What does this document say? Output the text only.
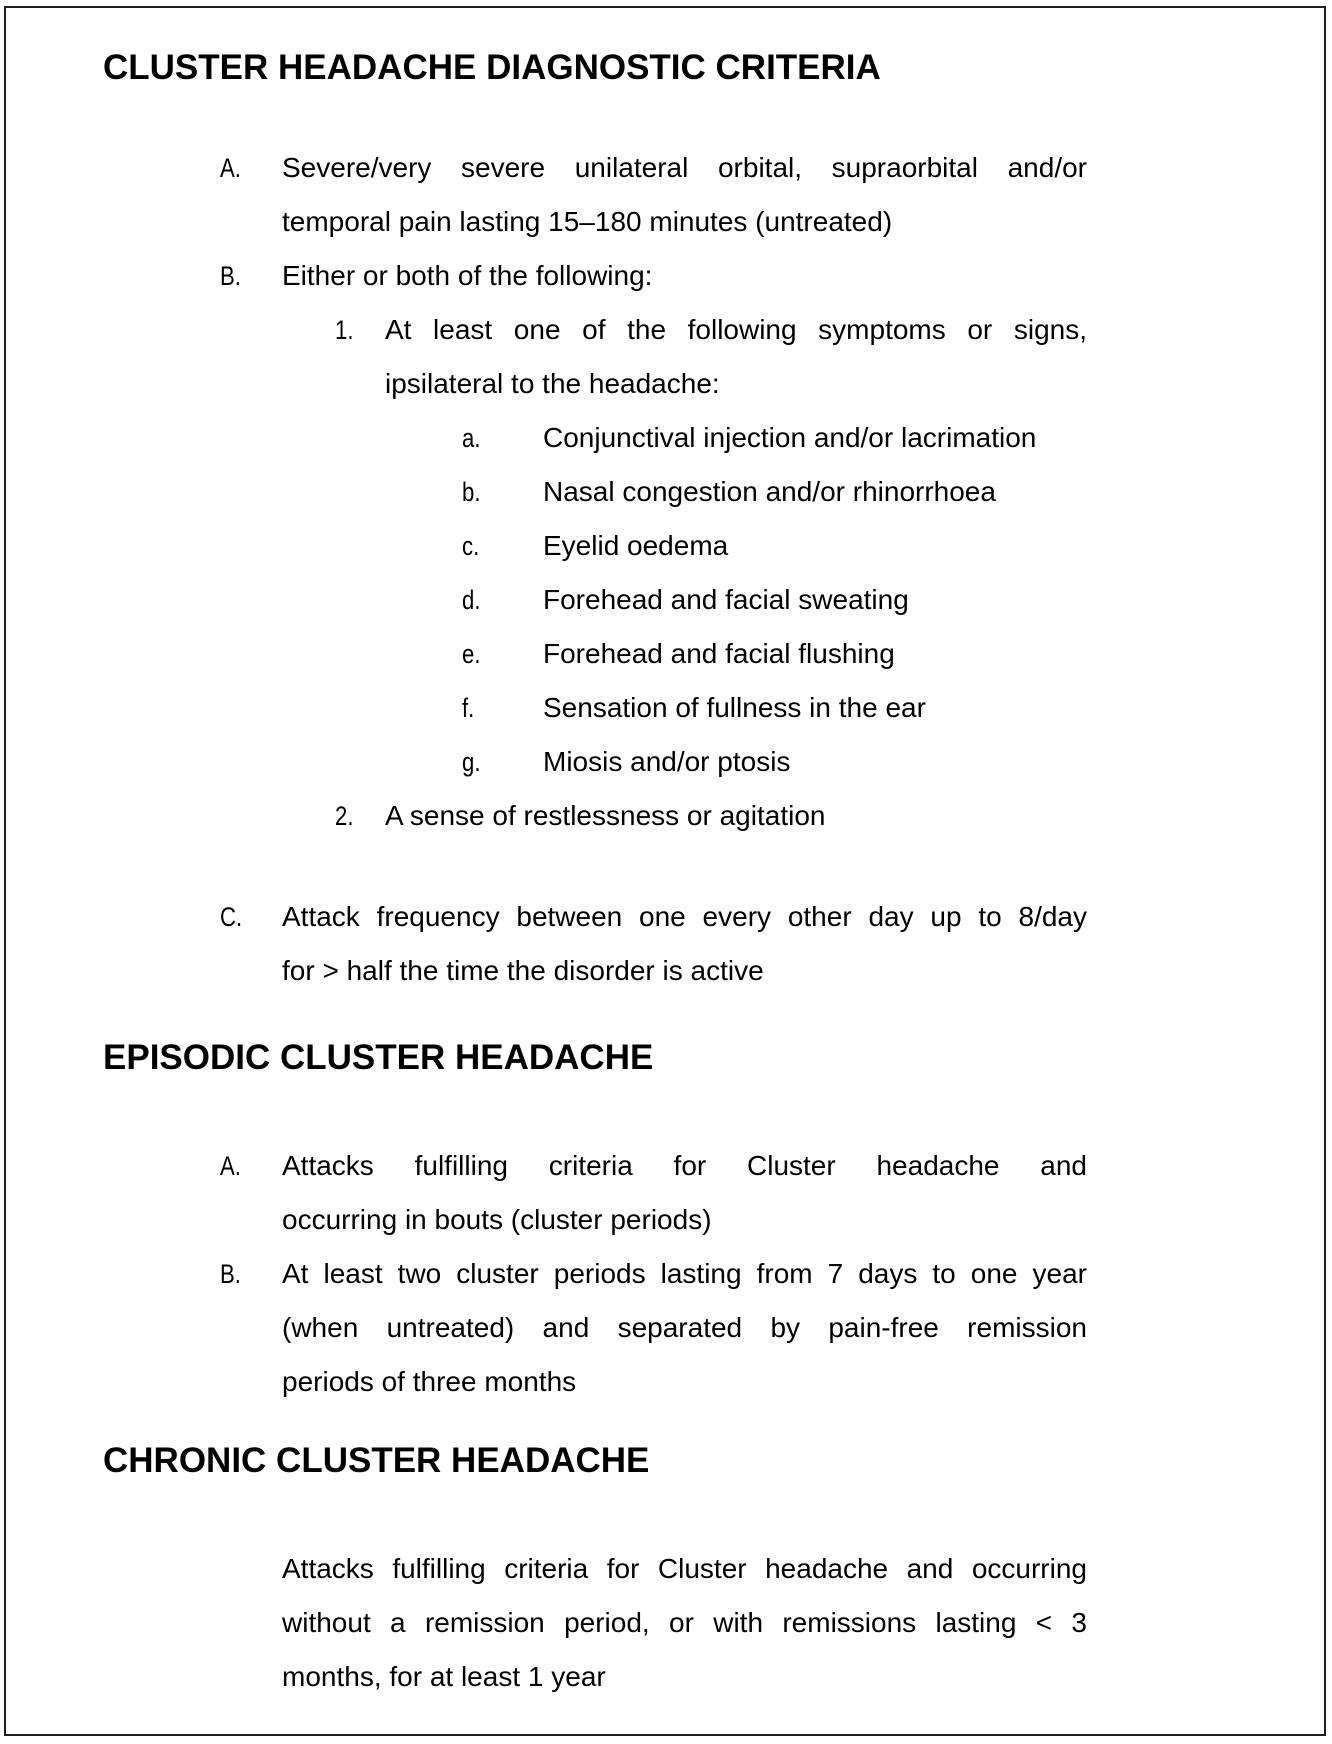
CLUSTER HEADACHE DIAGNOSTIC CRITERIA
A. Severe/very severe unilateral orbital, supraorbital and/or
temporal pain lasting 15–180 minutes (untreated)
B. Either or both of the following:
1. At least one of the following symptoms or signs,
ipsilateral to the headache:
a. Conjunctival injection and/or lacrimation
b. Nasal congestion and/or rhinorrhoea
c. Eyelid oedema
d. Forehead and facial sweating
e. Forehead and facial flushing
f. Sensation of fullness in the ear
g. Miosis and/or ptosis
2. A sense of restlessness or agitation
C. Attack frequency between one every other day up to 8/day
for > half the time the disorder is active
EPISODIC CLUSTER HEADACHE
A. Attacks fulfilling criteria for Cluster headache and
occurring in bouts (cluster periods)
B. At least two cluster periods lasting from 7 days to one year
(when untreated) and separated by pain-free remission
periods of three months
CHRONIC CLUSTER HEADACHE
Attacks fulfilling criteria for Cluster headache and occurring
without a remission period, or with remissions lasting < 3
months, for at least 1 year
